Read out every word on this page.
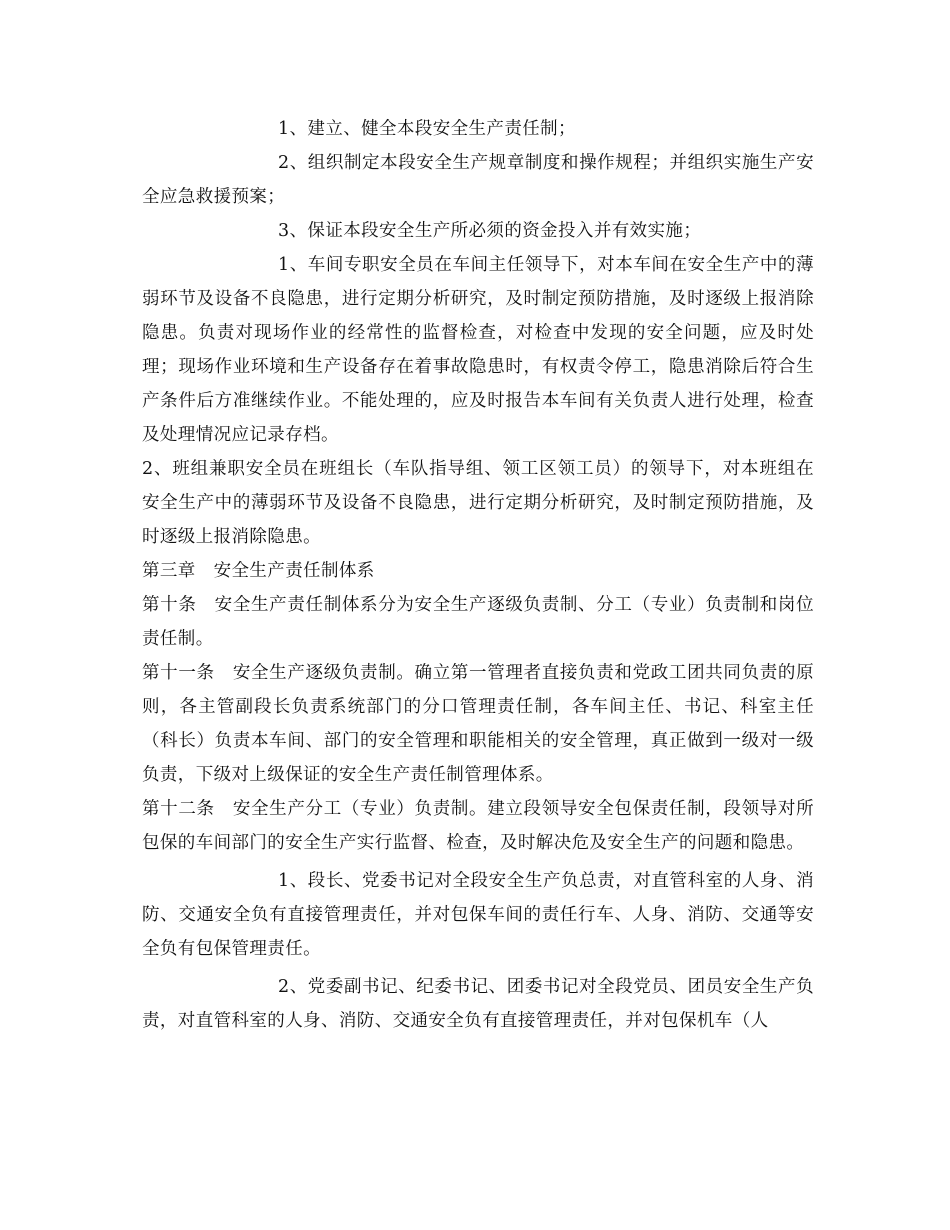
1、建立、健全本段安全生产责任制；

2、组织制定本段安全生产规章制度和操作规程；并组织实施生产安全应急救援预案；

3、保证本段安全生产所必须的资金投入并有效实施；

1、车间专职安全员在车间主任领导下，对本车间在安全生产中的薄弱环节及设备不良隐患，进行定期分析研究，及时制定预防措施，及时逐级上报消除隐患。负责对现场作业的经常性的监督检查，对检查中发现的安全问题，应及时处理；现场作业环境和生产设备存在着事故隐患时，有权责令停工，隐患消除后符合生产条件后方准继续作业。不能处理的，应及时报告本车间有关负责人进行处理，检查及处理情况应记录存档。

2、班组兼职安全员在班组长（车队指导组、领工区领工员）的领导下，对本班组在安全生产中的薄弱环节及设备不良隐患，进行定期分析研究，及时制定预防措施，及时逐级上报消除隐患。

第三章　安全生产责任制体系

第十条　安全生产责任制体系分为安全生产逐级负责制、分工（专业）负责制和岗位责任制。

第十一条　安全生产逐级负责制。确立第一管理者直接负责和党政工团共同负责的原则，各主管副段长负责系统部门的分口管理责任制，各车间主任、书记、科室主任（科长）负责本车间、部门的安全管理和职能相关的安全管理，真正做到一级对一级负责，下级对上级保证的安全生产责任制管理体系。

第十二条　安全生产分工（专业）负责制。建立段领导安全包保责任制，段领导对所包保的车间部门的安全生产实行监督、检查，及时解决危及安全生产的问题和隐患。

1、段长、党委书记对全段安全生产负总责，对直管科室的人身、消防、交通安全负有直接管理责任，并对包保车间的责任行车、人身、消防、交通等安全负有包保管理责任。

2、党委副书记、纪委书记、团委书记对全段党员、团员安全生产负责，对直管科室的人身、消防、交通安全负有直接管理责任，并对包保机车（人
